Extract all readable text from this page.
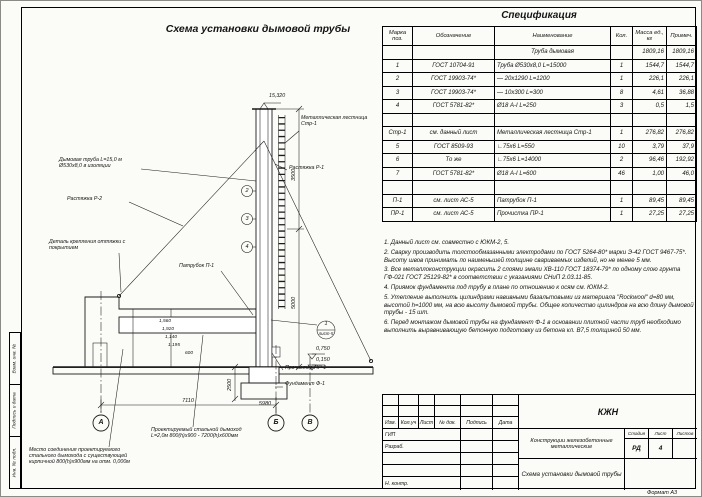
Взам. инв. №
Подпись и дата
Инв. № подл.
Схема установки дымовой трубы
15,320
Металлическая лестница Стр-1
Дымовая труба L=15,0 м Ø530х8,0 в изоляции	Растяжка Р-1
Растяжка Р-2
Деталь крепления оттяжки с покрытием
Патрубок П-1
Прочистка ПР-1
Фундамент Ф-1
Проектируемый стальной дымоход L=2,0м 800(h)х900 - 7200(h)х600мм
Место соединения проектируемого стального дымохода с существующей кирпичной 800(h)х900мм на отм. 0,000м
1
лист-5
2
3
4
7110
2500
5980
3500
5000
1,560
1,920
1,140
1,195
600
0,750
0,150
А	Б	В
Спецификация
Марка поз.	Обозначение	Наименование	Кол.	Масса ед., кг	Примеч.
		Труба дымовая		1809,16	1809,16
1	ГОСТ 10704-91	Труба Ø530х8,0 L=15000	1	1544,7	1544,7
2	ГОСТ 19903-74*	— 20х1290 L=1200	1	226,1	226,1
3	ГОСТ 19903-74*	— 10х300 L=300	8	4,61	36,88
4	ГОСТ 5781-82*	Ø18 А-I L=250	3	0,5	1,5

Стр-1	см. данный лист	Металлическая лестница Стр-1	1	276,82	276,82
5	ГОСТ 8509-93	∟75х6 L=550	10	3,79	37,9
6	То же	∟75х6 L=14000	2	96,46	192,92
7	ГОСТ 5781-82*	Ø18 А-I L=600	46	1,00	46,0

П-1	см. лист АС-5	Патрубок П-1	1	89,45	89,45
ПР-1	см. лист АС-5	Прочистка ПР-1	1	27,25	27,25

1. Данный лист см. совместно с ЮКМ-2, 5.

2. Сварку производить толстообмазанными электродами по ГОСТ 5264-80* марки Э-42 ГОСТ 9467-75*. Высоту швов принимать по наименьшей толщине свариваемых изделий, но не менее 5 мм.

3. Все металлоконструкции окрасить 2 слоями эмали ХВ-110 ГОСТ 18374-79* по одному слою грунта ГФ-021 ГОСТ 25129-82* в соответствии с указаниями СНиП 2.03.11-85.

4. Приямок фундамента под трубу в плане по отношению к осям см. ЮКМ-2.

5. Утепление выполнить цилиндрами навивными базальтовыми из материала "Rockwool" d=80 мм, высотой h=1000 мм, на всю высоту дымовой трубы. Общее количество цилиндров на всю длину дымовой трубы - 15 шт.

6. Перед монтажом дымовой трубы на фундамент Ф-1 в основании плитной части труб необходимо выполнить выравнивающую бетонную подготовку из бетона кл. В7,5 толщиной 50 мм.

Изм. Кол.уч Лист	№ док.	Подпись	Дата
ГИП
Разраб.
Н. контр.
КЖН
Конструкции железобетонные металлические
Стадия	Лист	Листов
РД	4
Схема установки дымовой трубы
Формат А3
